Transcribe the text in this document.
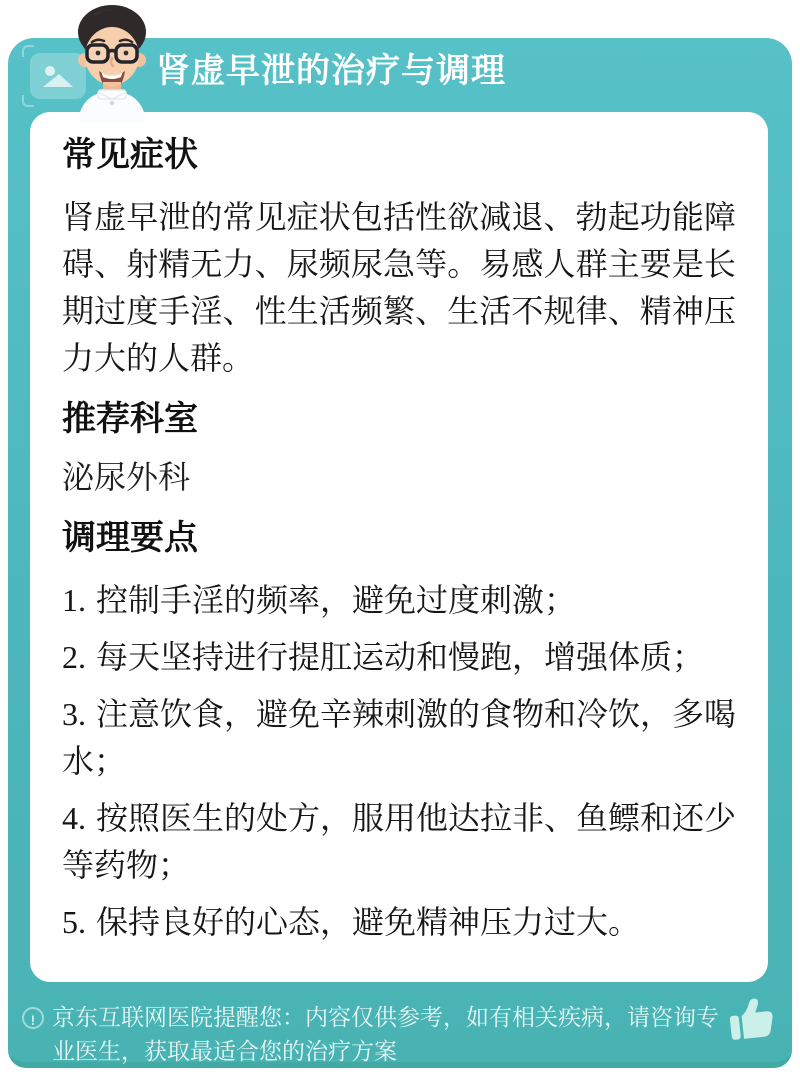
肾虚早泄的治疗与调理
常见症状

肾虚早泄的常见症状包括性欲减退、勃起功能障碍、射精无力、尿频尿急等。易感人群主要是长期过度手淫、性生活频繁、生活不规律、精神压力大的人群。

推荐科室

泌尿外科

调理要点
1. 控制手淫的频率，避免过度刺激；
2. 每天坚持进行提肛运动和慢跑，增强体质；
3. 注意饮食，避免辛辣刺激的食物和冷饮，多喝水；
4. 按照医生的处方，服用他达拉非、鱼鳔和还少等药物；
5. 保持良好的心态，避免精神压力过大。
! 京东互联网医院提醒您：内容仅供参考，如有相关疾病，请咨询专业医生，获取最适合您的治疗方案
